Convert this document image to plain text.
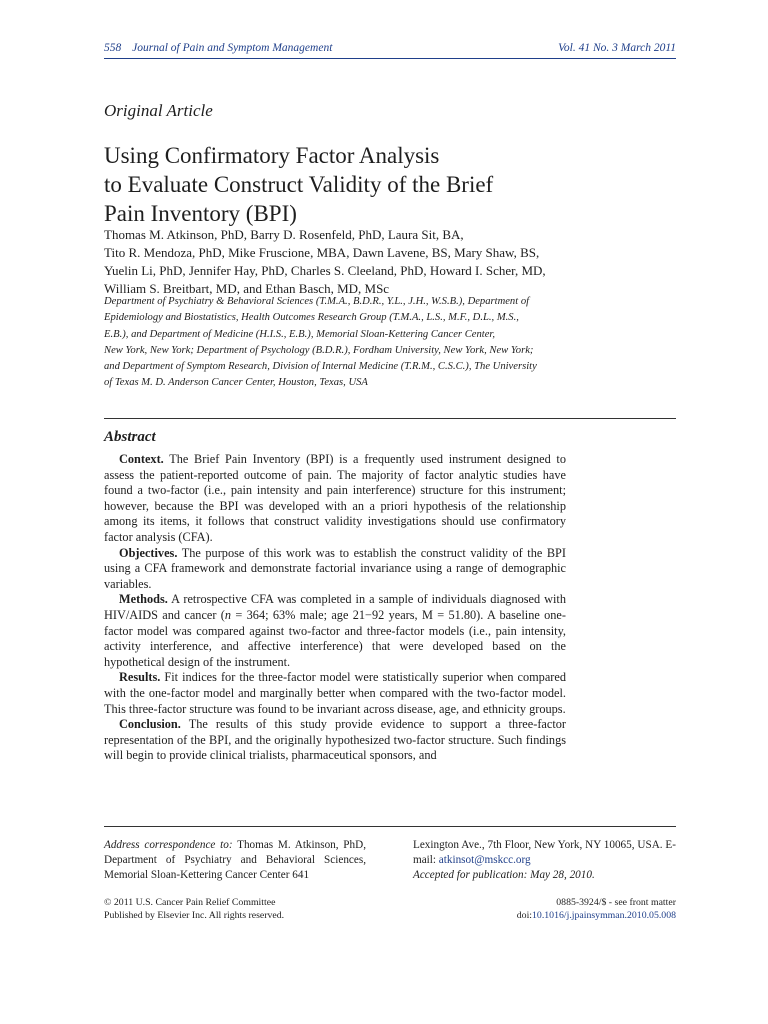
558 Journal of Pain and Symptom Management	Vol. 41 No. 3 March 2011
Original Article
Using Confirmatory Factor Analysis
to Evaluate Construct Validity of the Brief
Pain Inventory (BPI)

Thomas M. Atkinson, PhD, Barry D. Rosenfeld, PhD, Laura Sit, BA,
Tito R. Mendoza, PhD, Mike Fruscione, MBA, Dawn Lavene, BS, Mary Shaw, BS,
Yuelin Li, PhD, Jennifer Hay, PhD, Charles S. Cleeland, PhD, Howard I. Scher, MD,
William S. Breitbart, MD, and Ethan Basch, MD, MSc

Department of Psychiatry & Behavioral Sciences (T.M.A., B.D.R., Y.L., J.H., W.S.B.), Department of
Epidemiology and Biostatistics, Health Outcomes Research Group (T.M.A., L.S., M.F., D.L., M.S.,
E.B.), and Department of Medicine (H.I.S., E.B.), Memorial Sloan-Kettering Cancer Center,
New York, New York; Department of Psychology (B.D.R.), Fordham University, New York, New York;
and Department of Symptom Research, Division of Internal Medicine (T.R.M., C.S.C.), The University
of Texas M. D. Anderson Cancer Center, Houston, Texas, USA

Abstract

Context. The Brief Pain Inventory (BPI) is a frequently used instrument designed to assess the patient-reported outcome of pain. The majority of factor analytic studies have found a two-factor (i.e., pain intensity and pain interference) structure for this instrument; however, because the BPI was developed with an a priori hypothesis of the relationship among its items, it follows that construct validity investigations should use confirmatory factor analysis (CFA).

Objectives. The purpose of this work was to establish the construct validity of the BPI using a CFA framework and demonstrate factorial invariance using a range of demographic variables.

Methods. A retrospective CFA was completed in a sample of individuals diagnosed with HIV/AIDS and cancer (n = 364; 63% male; age 21−92 years, M = 51.80). A baseline one-factor model was compared against two-factor and three-factor models (i.e., pain intensity, activity interference, and affective interference) that were developed based on the hypothetical design of the instrument.

Results. Fit indices for the three-factor model were statistically superior when compared with the one-factor model and marginally better when compared with the two-factor model. This three-factor structure was found to be invariant across disease, age, and ethnicity groups.

Conclusion. The results of this study provide evidence to support a three-factor representation of the BPI, and the originally hypothesized two-factor structure. Such findings will begin to provide clinical trialists, pharmaceutical sponsors, and

Address correspondence to: Thomas M. Atkinson, PhD, Department of Psychiatry and Behavioral Sciences, Memorial Sloan-Kettering Cancer Center 641
Lexington Ave., 7th Floor, New York, NY 10065, USA. E-mail: atkinsot@mskcc.org
Accepted for publication: May 28, 2010.
© 2011 U.S. Cancer Pain Relief Committee
Published by Elsevier Inc. All rights reserved.
0885-3924/$ - see front matter
doi:10.1016/j.jpainsymman.2010.05.008
